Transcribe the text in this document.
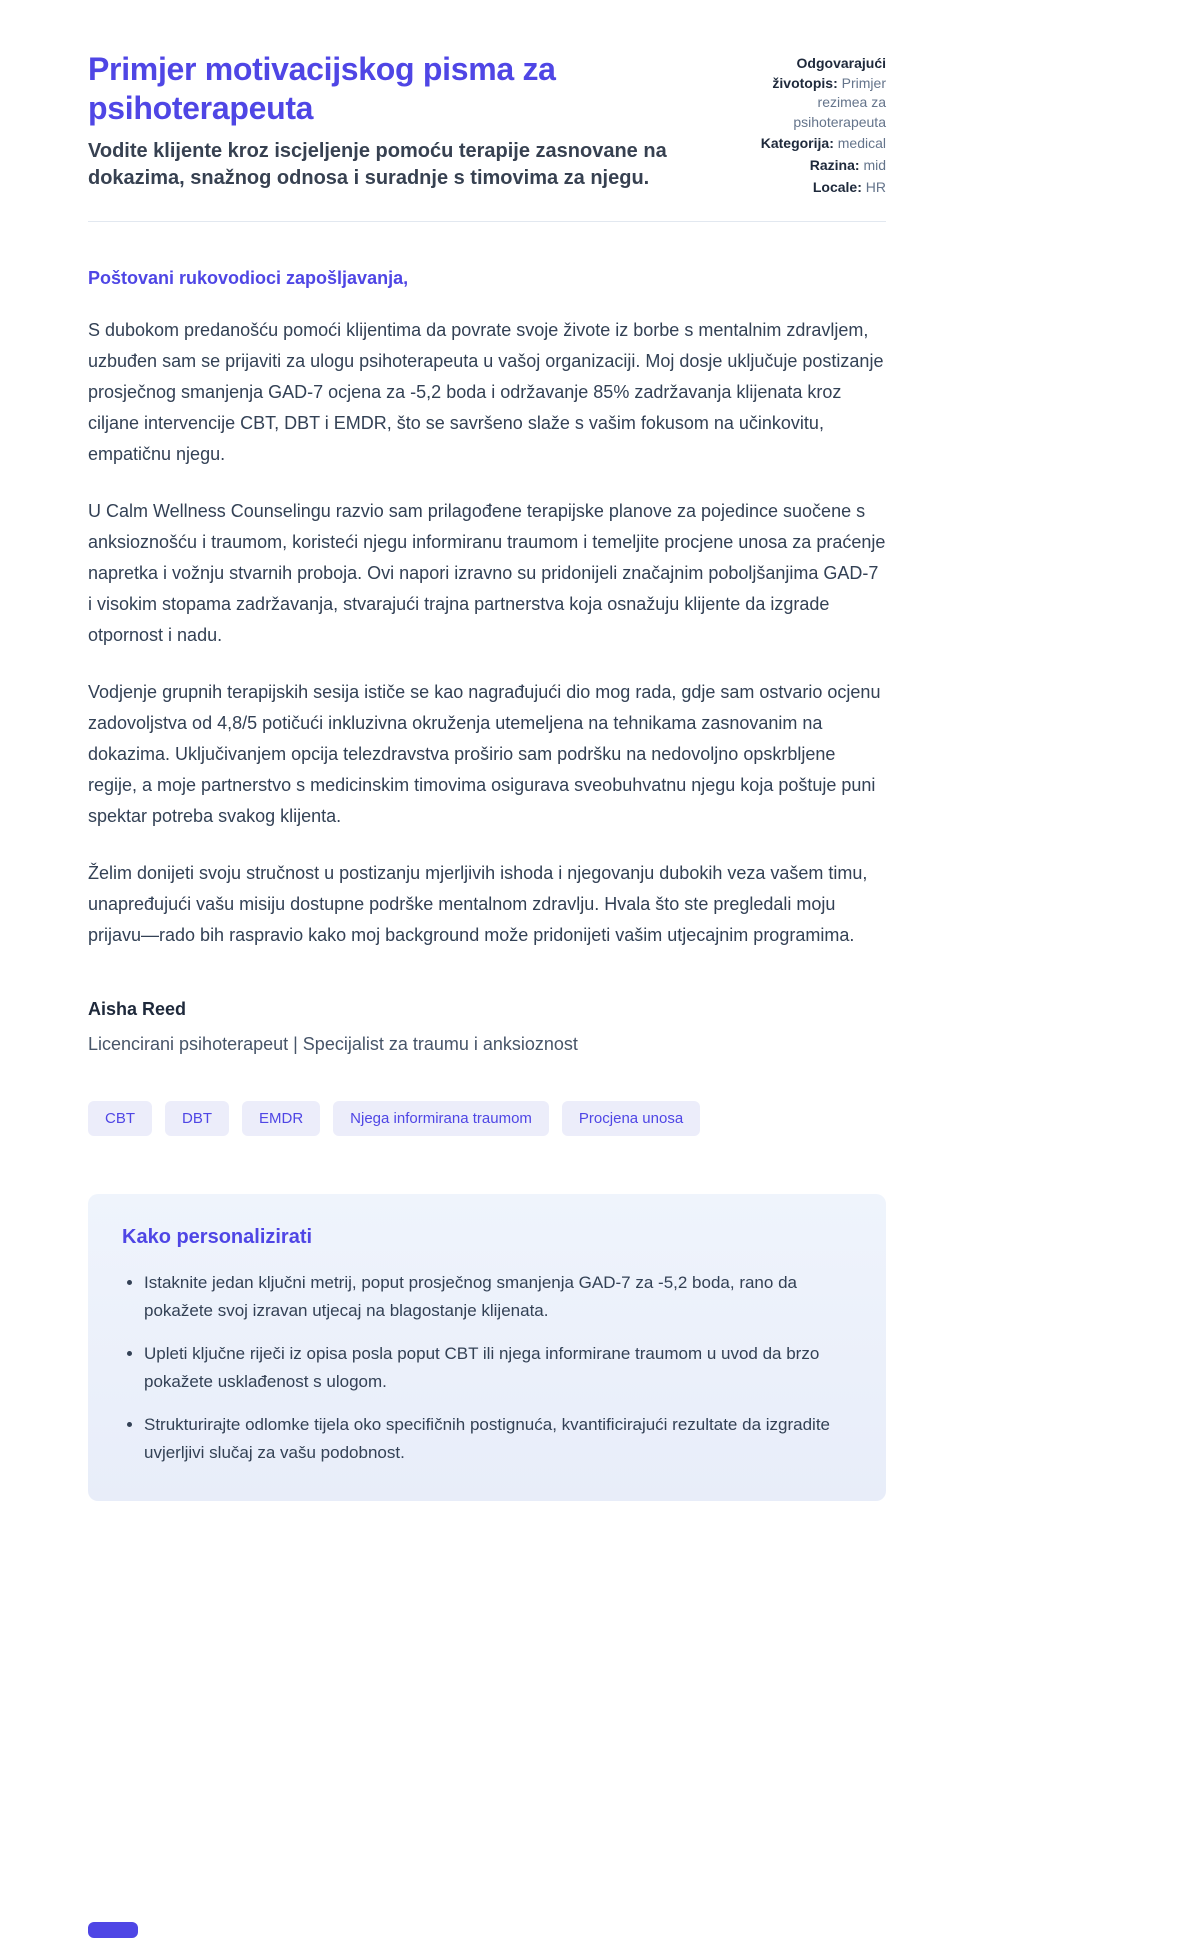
Primjer motivacijskog pisma za psihoterapeuta

Vodite klijente kroz iscjeljenje pomoću terapije zasnovane na dokazima, snažnog odnosa i suradnje s timovima za njegu.

Odgovarajući životopis: Primjer rezimea za psihoterapeuta

Kategorija: medical

Razina: mid

Locale: HR

Poštovani rukovodioci zapošljavanja,

S dubokom predanošću pomoći klijentima da povrate svoje živote iz borbe s mentalnim zdravljem, uzbuđen sam se prijaviti za ulogu psihoterapeuta u vašoj organizaciji. Moj dosje uključuje postizanje prosječnog smanjenja GAD-7 ocjena za -5,2 boda i održavanje 85% zadržavanja klijenata kroz ciljane intervencije CBT, DBT i EMDR, što se savršeno slaže s vašim fokusom na učinkovitu, empatičnu njegu.

U Calm Wellness Counselingu razvio sam prilagođene terapijske planove za pojedince suočene s anksioznošću i traumom, koristeći njegu informiranu traumom i temeljite procjene unosa za praćenje napretka i vožnju stvarnih proboja. Ovi napori izravno su pridonijeli značajnim poboljšanjima GAD-7 i visokim stopama zadržavanja, stvarajući trajna partnerstva koja osnažuju klijente da izgrade otpornost i nadu.

Vodjenje grupnih terapijskih sesija ističe se kao nagrađujući dio mog rada, gdje sam ostvario ocjenu zadovoljstva od 4,8/5 potičući inkluzivna okruženja utemeljena na tehnikama zasnovanim na dokazima. Uključivanjem opcija telezdravstva proširio sam podršku na nedovoljno opskrbljene regije, a moje partnerstvo s medicinskim timovima osigurava sveobuhvatnu njegu koja poštuje puni spektar potreba svakog klijenta.

Želim donijeti svoju stručnost u postizanju mjerljivih ishoda i njegovanju dubokih veza vašem timu, unapređujući vašu misiju dostupne podrške mentalnom zdravlju. Hvala što ste pregledali moju prijavu—rado bih raspravio kako moj background može pridonijeti vašim utjecajnim programima.

Aisha Reed

Licencirani psihoterapeut | Specijalist za traumu i anksioznost

CBT	DBT	EMDR	Njega informirana traumom	Procjena unosa
Kako personalizirati
• Istaknite jedan ključni metrij, poput prosječnog smanjenja GAD-7 za -5,2 boda, rano da pokažete svoj izravan utjecaj na blagostanje klijenata.
• Upleti ključne riječi iz opisa posla poput CBT ili njega informirane traumom u uvod da brzo pokažete usklađenost s ulogom.
• Strukturirajte odlomke tijela oko specifičnih postignuća, kvantificirajući rezultate da izgradite uvjerljivi slučaj za vašu podobnost.
